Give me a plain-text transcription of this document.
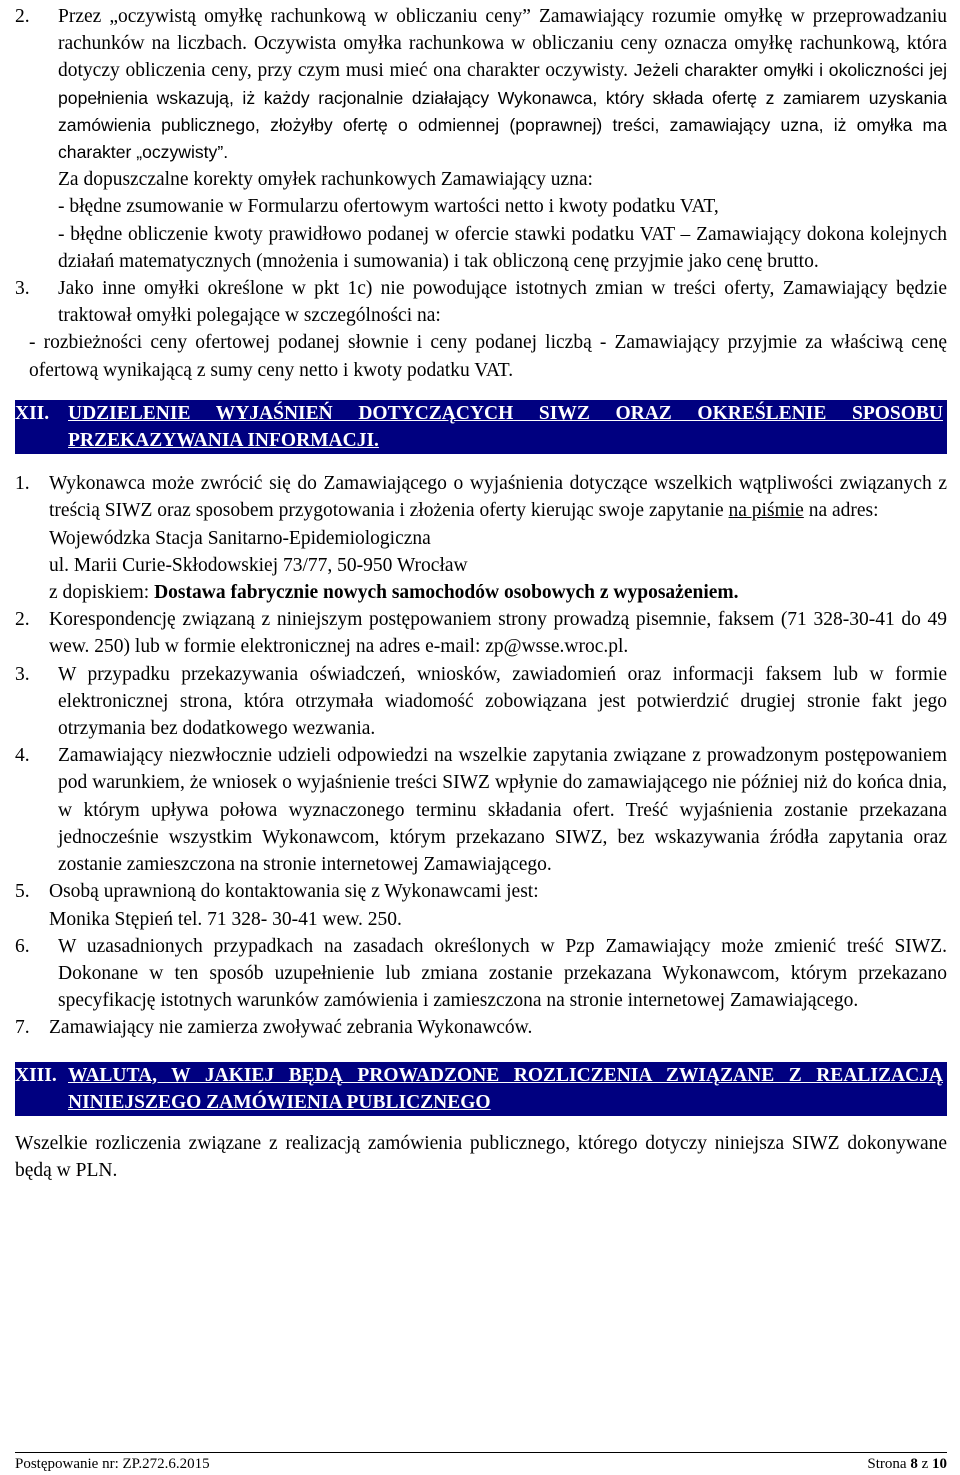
2. Przez „oczywistą omyłkę rachunkową w obliczaniu ceny” Zamawiający rozumie omyłkę w przeprowadzaniu rachunków na liczbach. Oczywista omyłka rachunkowa w obliczaniu ceny oznacza omyłkę rachunkową, która dotyczy obliczenia ceny, przy czym musi mieć ona charakter oczywisty. Jeżeli charakter omyłki i okoliczności jej popełnienia wskazują, iż każdy racjonalnie działający Wykonawca, który składa ofertę z zamiarem uzyskania zamówienia publicznego, złożyłby ofertę o odmiennej (poprawnej) treści, zamawiający uzna, iż omyłka ma charakter „oczywisty”.
Za dopuszczalne korekty omyłek rachunkowych Zamawiający uzna:
- błędne zsumowanie w Formularzu ofertowym wartości netto i kwoty podatku VAT,
- błędne obliczenie kwoty prawidłowo podanej w ofercie stawki podatku VAT – Zamawiający dokona kolejnych działań matematycznych (mnożenia i sumowania) i tak obliczoną cenę przyjmie jako cenę brutto.
3. Jako inne omyłki określone w pkt 1c) nie powodujące istotnych zmian w treści oferty, Zamawiający będzie traktował omyłki polegające w szczególności na:
- rozbieżności ceny ofertowej podanej słownie i ceny podanej liczbą - Zamawiający przyjmie za właściwą cenę ofertową wynikającą z sumy ceny netto i kwoty podatku VAT.
XII. UDZIELENIE WYJAŚNIEŃ DOTYCZĄCYCH SIWZ ORAZ OKREŚLENIE SPOSOBU PRZEKAZYWANIA INFORMACJI.
1. Wykonawca może zwrócić się do Zamawiającego o wyjaśnienia dotyczące wszelkich wątpliwości związanych z treścią SIWZ oraz sposobem przygotowania i złożenia oferty kierując swoje zapytanie na piśmie na adres:
Wojewódzka Stacja Sanitarno-Epidemiologiczna
ul. Marii Curie-Skłodowskiej 73/77, 50-950 Wrocław
z dopiskiem: Dostawa fabrycznie nowych samochodów osobowych z wyposażeniem.
2. Korespondencję związaną z niniejszym postępowaniem strony prowadzą pisemnie, faksem (71 328-30-41 do 49 wew. 250) lub w formie elektronicznej na adres e-mail: zp@wsse.wroc.pl.
3. W przypadku przekazywania oświadczeń, wniosków, zawiadomień oraz informacji faksem lub w formie elektronicznej strona, która otrzymała wiadomość zobowiązana jest potwierdzić drugiej stronie fakt jego otrzymania bez dodatkowego wezwania.
4. Zamawiający niezwłocznie udzieli odpowiedzi na wszelkie zapytania związane z prowadzonym postępowaniem pod warunkiem, że wniosek o wyjaśnienie treści SIWZ wpłynie do zamawiającego nie później niż do końca dnia, w którym upływa połowa wyznaczonego terminu składania ofert. Treść wyjaśnienia zostanie przekazana jednocześnie wszystkim Wykonawcom, którym przekazano SIWZ, bez wskazywania źródła zapytania oraz zostanie zamieszczona na stronie internetowej Zamawiającego.
5. Osobą uprawnioną do kontaktowania się z Wykonawcami jest:
Monika Stępień tel. 71 328- 30-41 wew. 250.
6. W uzasadnionych przypadkach na zasadach określonych w Pzp Zamawiający może zmienić treść SIWZ. Dokonane w ten sposób uzupełnienie lub zmiana zostanie przekazana Wykonawcom, którym przekazano specyfikację istotnych warunków zamówienia i zamieszczona na stronie internetowej Zamawiającego.
7. Zamawiający nie zamierza zwoływać zebrania Wykonawców.
XIII. WALUTA, W JAKIEJ BĘDĄ PROWADZONE ROZLICZENIA ZWIĄZANE Z REALIZACJĄ NINIEJSZEGO ZAMÓWIENIA PUBLICZNEGO
Wszelkie rozliczenia związane z realizacją zamówienia publicznego, którego dotyczy niniejsza SIWZ dokonywane będą w PLN.
Postępowanie nr: ZP.272.6.2015	Strona 8 z 10
